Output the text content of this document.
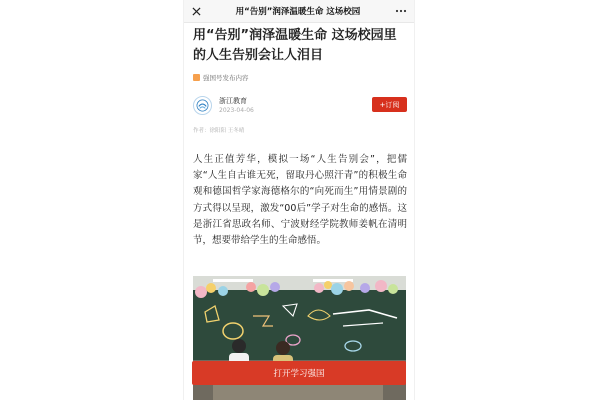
用“告别”润泽温暖生命 这场校园
用“告别”润泽温暖生命 这场校园里的人生告别会让人泪目
强国号发布内容
浙江教育
2023-04-06
+订阅
作者：徐阳阳 王冬晴
人生正值芳华，模拟一场“人生告别会”，把儒家“人生自古谁无死，留取丹心照汗青”的积极生命观和德国哲学家海德格尔的“向死而生”用情景剧的方式得以呈现，激发“00后”学子对生命的感悟。这是浙江省思政名师、宁波财经学院教师姜帆在清明节，想要带给学生的生命感悟。
打开学习强国
